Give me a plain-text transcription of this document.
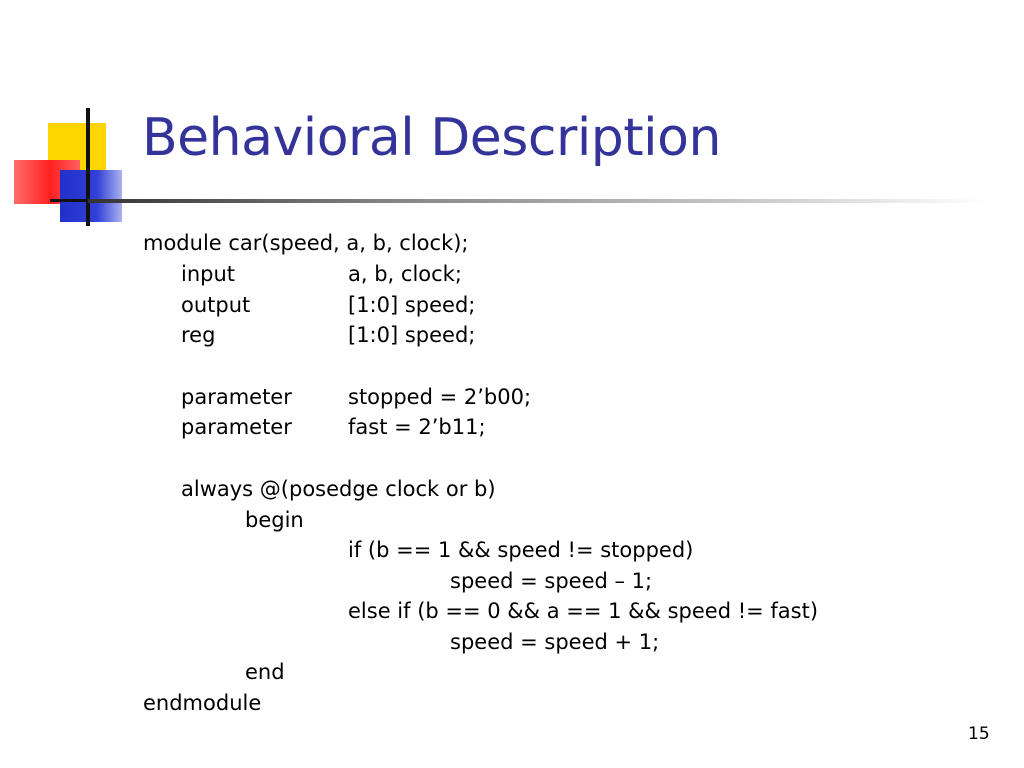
Behavioral Description
module car(speed, a, b, clock);
input	a, b, clock;
output	[1:0] speed;
reg	[1:0] speed;
parameter	stopped = 2’b00;
parameter	fast = 2’b11;
always @(posedge clock or b)
begin
if (b == 1 && speed != stopped)
speed = speed – 1;
else if (b == 0 && a == 1 && speed != fast)
speed = speed + 1;
end
endmodule
15
